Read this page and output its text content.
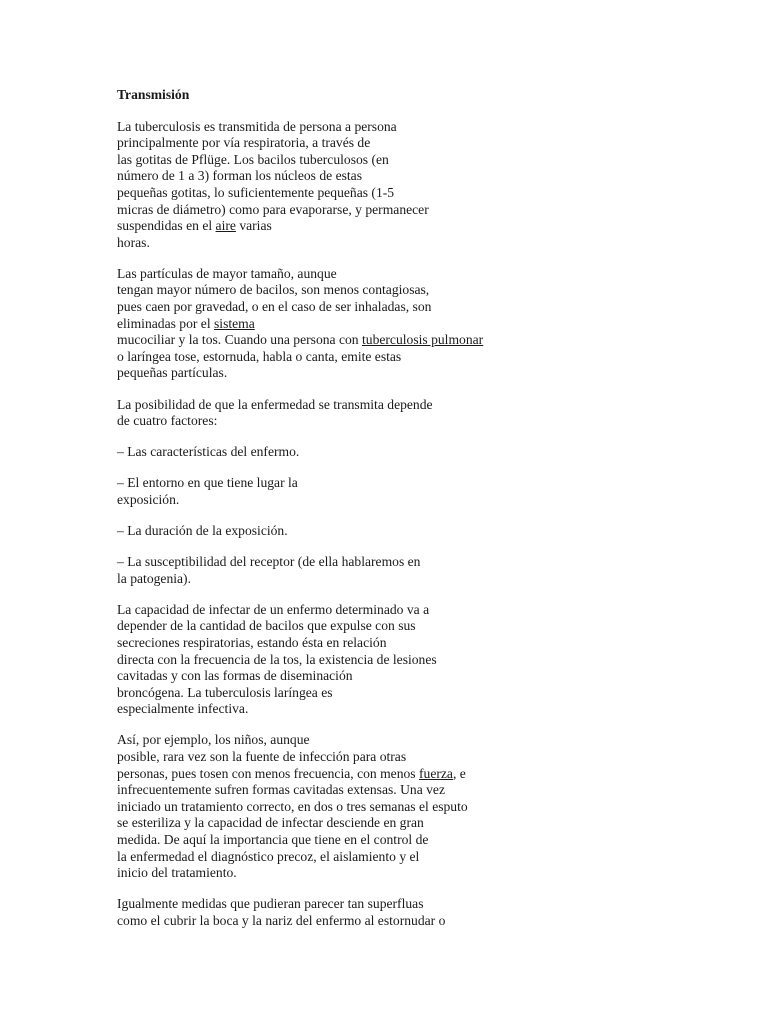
Transmisión

La tuberculosis es transmitida de persona a persona
principalmente por vía respiratoria, a través de
las gotitas de Pflüge. Los bacilos tuberculosos (en
número de 1 a 3) forman los núcleos de estas
pequeñas gotitas, lo suficientemente pequeñas (1-5
micras de diámetro) como para evaporarse, y permanecer
suspendidas en el aire varias
horas.

Las partículas de mayor tamaño, aunque
tengan mayor número de bacilos, son menos contagiosas,
pues caen por gravedad, o en el caso de ser inhaladas, son
eliminadas por el sistema
mucociliar y la tos. Cuando una persona con tuberculosis pulmonar
o laríngea tose, estornuda, habla o canta, emite estas
pequeñas partículas.

La posibilidad de que la enfermedad se transmita depende
de cuatro factores:

– Las características del enfermo.

– El entorno en que tiene lugar la
exposición.

– La duración de la exposición.

– La susceptibilidad del receptor (de ella hablaremos en
la patogenia).

La capacidad de infectar de un enfermo determinado va a
depender de la cantidad de bacilos que expulse con sus
secreciones respiratorias, estando ésta en relación
directa con la frecuencia de la tos, la existencia de lesiones
cavitadas y con las formas de diseminación
broncógena. La tuberculosis laríngea es
especialmente infectiva.

Así, por ejemplo, los niños, aunque
posible, rara vez son la fuente de infección para otras
personas, pues tosen con menos frecuencia, con menos fuerza, e
infrecuentemente sufren formas cavitadas extensas. Una vez
iniciado un tratamiento correcto, en dos o tres semanas el esputo
se esteriliza y la capacidad de infectar desciende en gran
medida. De aquí la importancia que tiene en el control de
la enfermedad el diagnóstico precoz, el aislamiento y el
inicio del tratamiento.

Igualmente medidas que pudieran parecer tan superfluas
como el cubrir la boca y la nariz del enfermo al estornudar o
